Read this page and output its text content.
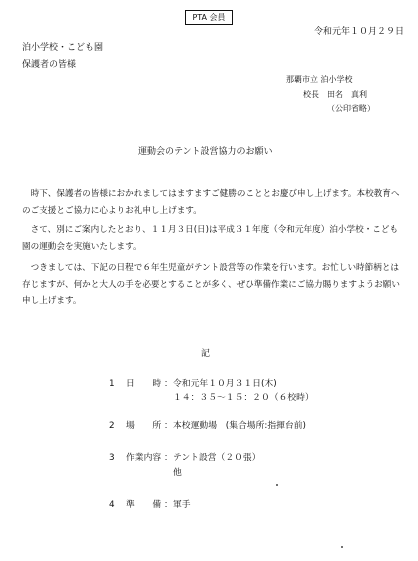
PTA 会員
令和元年１０月２９日
泊小学校・こども園
保護者の皆様
那覇市立 泊小学校
校長　田名　真利
（公印省略）
運動会のテント設営協力のお願い
時下、保護者の皆様におかれましてはますますご健勝のこととお慶び申し上げます。本校教育へのご支援とご協力に心よりお礼申し上げます。
さて、別にご案内したとおり、１１月３日(日)は平成３１年度（令和元年度）泊小学校・こども園の運動会を実施いたします。
つきましては、下記の日程で６年生児童がテント設営等の作業を行います。お忙しい時節柄とは存じますが、何かと大人の手を必要とすることが多く、ぜひ準備作業にご協力賜りますようお願い申し上げます。
記
1 日　　時 ： 令和元年１０月３１日(木)
１４：３５～１５：２０（６校時）
2 場　　所 ： 本校運動場　(集合場所:指揮台前)
3 作業内容 ： テント設営（２０張）
他
4 準　　備 ： 軍手
